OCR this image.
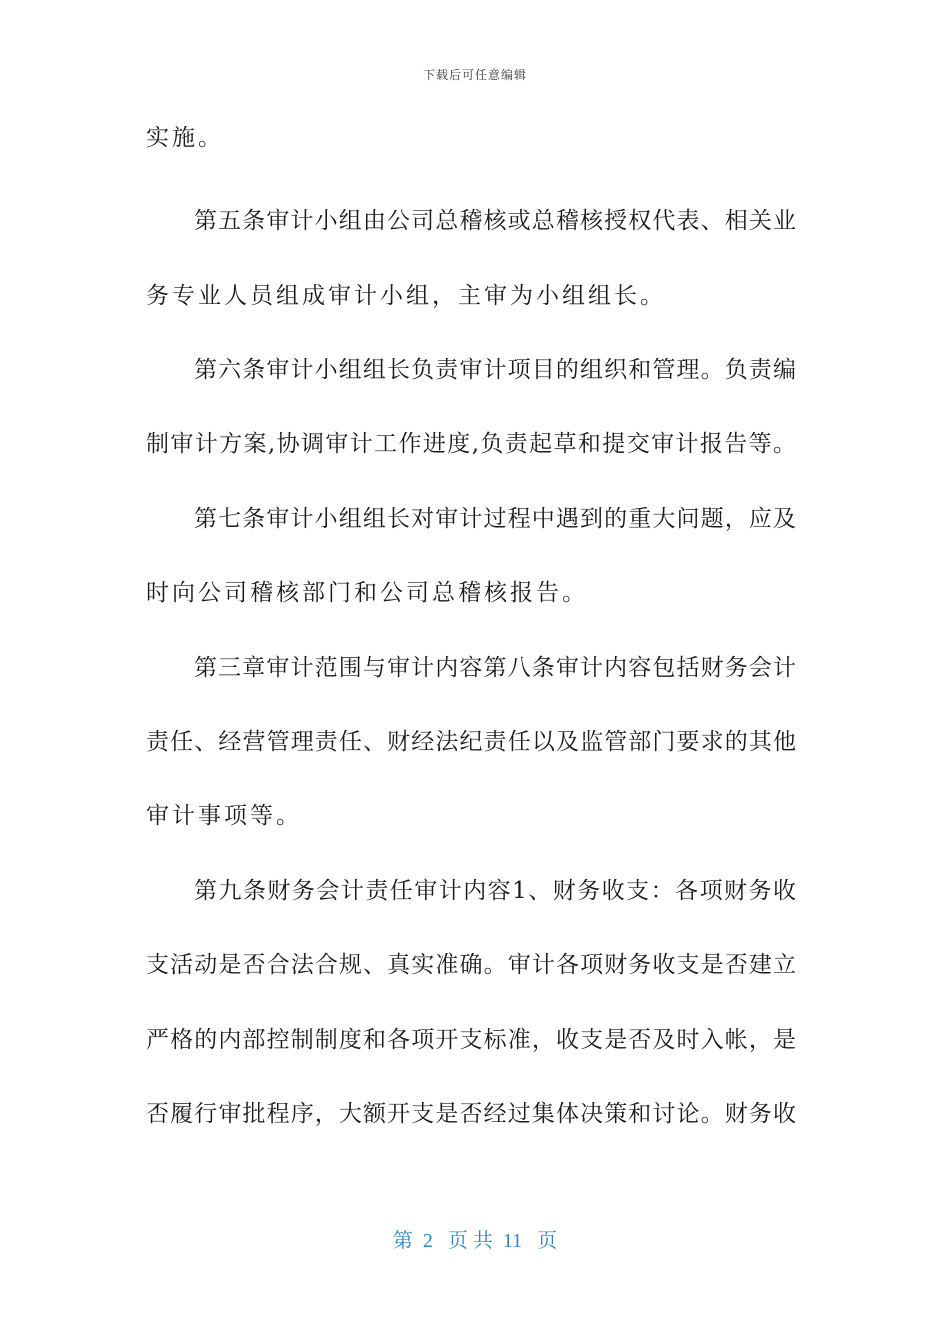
下载后可任意编辑
实施。
第五条审计小组由公司总稽核或总稽核授权代表、相关业
务专业人员组成审计小组，主审为小组组长。
第六条审计小组组长负责审计项目的组织和管理。负责编
制审计方案,协调审计工作进度,负责起草和提交审计报告等。
第七条审计小组组长对审计过程中遇到的重大问题，应及
时向公司稽核部门和公司总稽核报告。
第三章审计范围与审计内容第八条审计内容包括财务会计
责任、经营管理责任、财经法纪责任以及监管部门要求的其他
审计事项等。
第九条财务会计责任审计内容1、财务收支：各项财务收
支活动是否合法合规、真实准确。审计各项财务收支是否建立
严格的内部控制制度和各项开支标准，收支是否及时入帐，是
否履行审批程序，大额开支是否经过集体决策和讨论。财务收
第  2   页 共  11   页
